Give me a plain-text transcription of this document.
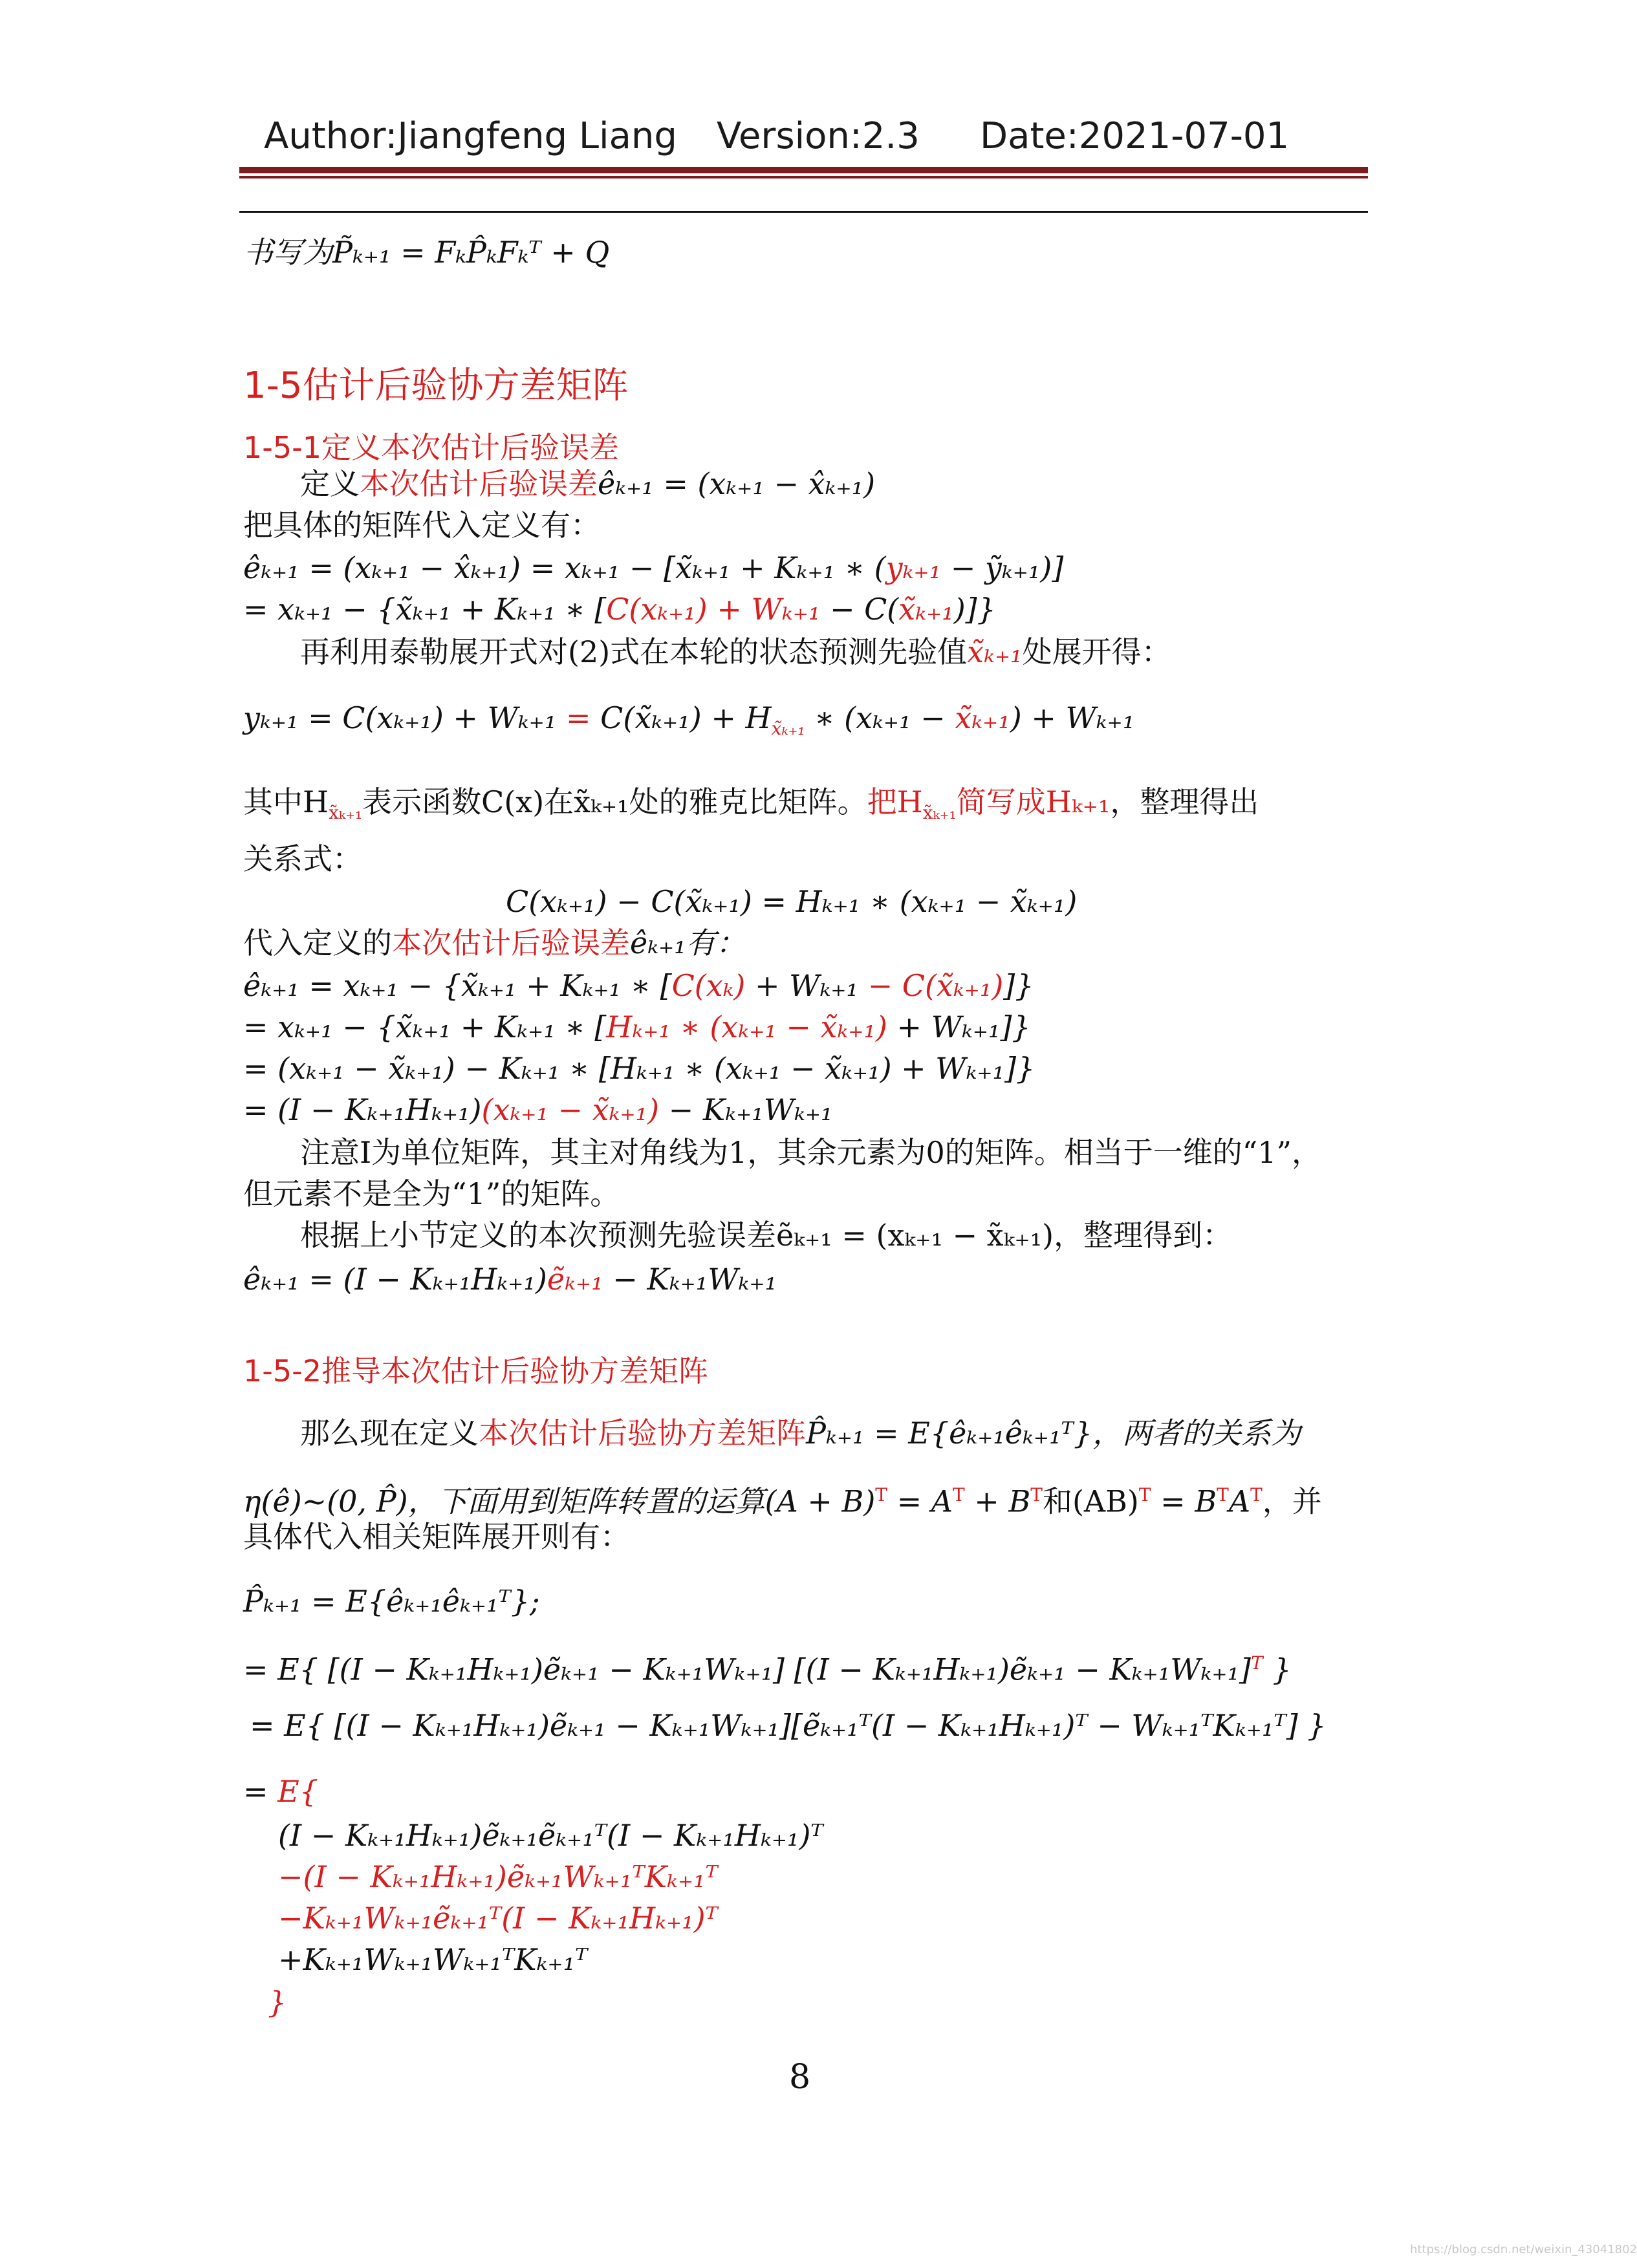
Author:Jiangfeng Liang Version:2.3 Date:2021-07-01
书写为P̃ₖ₊₁ = FₖP̂ₖFₖᵀ + Q
1-5估计后验协方差矩阵
1-5-1定义本次估计后验误差
定义本次估计后验误差êₖ₊₁ = (xₖ₊₁ − x̂ₖ₊₁)
把具体的矩阵代入定义有：
êₖ₊₁ = (xₖ₊₁ − x̂ₖ₊₁) = xₖ₊₁ − [x̃ₖ₊₁ + Kₖ₊₁ ∗ (yₖ₊₁ − ỹₖ₊₁)]
= xₖ₊₁ − {x̃ₖ₊₁ + Kₖ₊₁ ∗ [C(xₖ₊₁) + Wₖ₊₁ − C(x̃ₖ₊₁)]}
再利用泰勒展开式对(2)式在本轮的状态预测先验值x̃ₖ₊₁处展开得：
yₖ₊₁ = C(xₖ₊₁) + Wₖ₊₁ = C(x̃ₖ₊₁) + $H_{x̃_{k+1}}$ ∗ (xₖ₊₁ − x̃ₖ₊₁) + Wₖ₊₁
其中$H_{x̃_{k+1}}$表示函数C(x)在x̃ₖ₊₁处的雅克比矩阵。把$H_{x̃_{k+1}}$简写成Hₖ₊₁，整理得出
关系式：
C(xₖ₊₁) − C(x̃ₖ₊₁) = Hₖ₊₁ ∗ (xₖ₊₁ − x̃ₖ₊₁)
代入定义的本次估计后验误差êₖ₊₁有：
êₖ₊₁ = xₖ₊₁ − {x̃ₖ₊₁ + Kₖ₊₁ ∗ [C(xₖ) + Wₖ₊₁ − C(x̃ₖ₊₁)]}
= xₖ₊₁ − {x̃ₖ₊₁ + Kₖ₊₁ ∗ [Hₖ₊₁ ∗ (xₖ₊₁ − x̃ₖ₊₁) + Wₖ₊₁]}
= (xₖ₊₁ − x̃ₖ₊₁) − Kₖ₊₁ ∗ [Hₖ₊₁ ∗ (xₖ₊₁ − x̃ₖ₊₁) + Wₖ₊₁]}
= (I − Kₖ₊₁Hₖ₊₁)(xₖ₊₁ − x̃ₖ₊₁) − Kₖ₊₁Wₖ₊₁
注意I为单位矩阵，其主对角线为1，其余元素为0的矩阵。相当于一维的“1”，
但元素不是全为“1”的矩阵。
根据上小节定义的本次预测先验误差ẽₖ₊₁ = (xₖ₊₁ − x̃ₖ₊₁)，整理得到：
êₖ₊₁ = (I − Kₖ₊₁Hₖ₊₁)ẽₖ₊₁ − Kₖ₊₁Wₖ₊₁
1-5-2推导本次估计后验协方差矩阵
那么现在定义本次估计后验协方差矩阵P̂ₖ₊₁ = E{êₖ₊₁êₖ₊₁ᵀ}，两者的关系为
η(ê)~(0, P̂)，下面用到矩阵转置的运算$(A + B)^T = A^T + B^T$和$(AB)^T = B^TA^T$，并
具体代入相关矩阵展开则有：
P̂ₖ₊₁ = E{êₖ₊₁êₖ₊₁ᵀ};
= E{ [(I − Kₖ₊₁Hₖ₊₁)ẽₖ₊₁ − Kₖ₊₁Wₖ₊₁] [(I − Kₖ₊₁Hₖ₊₁)ẽₖ₊₁ − Kₖ₊₁Wₖ₊₁]$^T$ }
= E{ [(I − Kₖ₊₁Hₖ₊₁)ẽₖ₊₁ − Kₖ₊₁Wₖ₊₁][ẽₖ₊₁ᵀ(I − Kₖ₊₁Hₖ₊₁)ᵀ − Wₖ₊₁ᵀKₖ₊₁ᵀ] }
= E{
(I − Kₖ₊₁Hₖ₊₁)ẽₖ₊₁ẽₖ₊₁ᵀ(I − Kₖ₊₁Hₖ₊₁)ᵀ
−(I − Kₖ₊₁Hₖ₊₁)ẽₖ₊₁Wₖ₊₁ᵀKₖ₊₁ᵀ
−Kₖ₊₁Wₖ₊₁ẽₖ₊₁ᵀ(I − Kₖ₊₁Hₖ₊₁)ᵀ
+Kₖ₊₁Wₖ₊₁Wₖ₊₁ᵀKₖ₊₁ᵀ
}
8
https://blog.csdn.net/weixin_43041802
